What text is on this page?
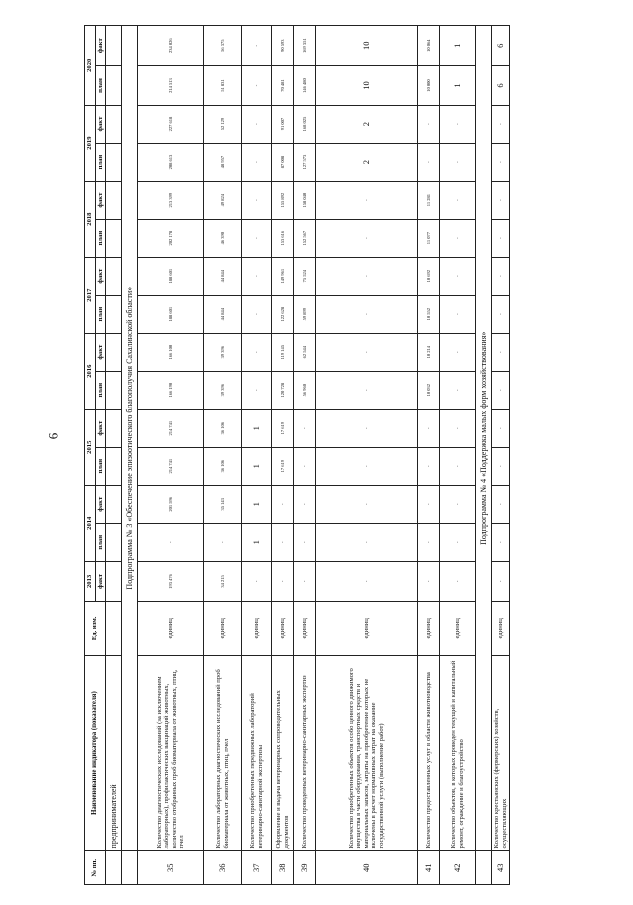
6
№ пп.	Наименование индикатора (показателя)	Ед. изм.	2013	2014		2015		2016		2017		2018		2019		2020	
			факт	план	факт	план	факт	план	факт	план	факт	план	факт	план	факт	план	факт
	предпринимателей																
	Подпрограмма № 3 «Обеспечение эпизоотического благополучия Сахалинской области»																
35	Количество диагностических исследований (за исключением лабораторных), профилактических вакцинаций животных, количество отобранных проб биоматериала от животных, птиц, пчел	единиц	193 476	-	201 596	214 741	214 741	166 190	166 100	188 601	188 601	202 178	213 399	208 613	227 618	214 513	234 026
36	Количество лабораторных диагностических исследований проб биоматериала от животных, птиц, пчел	единиц	34 215	-	35 143	36 106	36 106	39 396	39 396	44 844	44 844	46 390	49 824	48 957	52 129	51 831	56 375
37	Количество приобретенных передвижных лабораторий ветеринарно-санитарной экспертизы	единиц	-	1	1	1	1	-	-	-	-	-	-	-	-	-	-
38	Оформление и выдача ветеринарных сопроводительных документов	единиц	-	-	-	17 619	17 619	120 728	119 145	122 628	149 961	153 616	155 892	87 008	91 007	70 481	90 593
39	Количество проведенных ветеринарно-санитарных экспертиз	единиц	-	-	-	-	-	56 960	62 544	59 899	75 524	152 567	158 040	127 573	168 025	146 480	169 351
40	Количество приобретенных объектов особо ценного движимого имущества в части оборудования, транспортных средств и материальных запасов, затраты на приобретение которых не включены в расчет нормативных затрат на оказание государственной услуги (выполнение работ)	единиц	-	-	-	-	-	-	-	-	-	-	-	2	2	10	10
41	Количество предоставленных услуг в области животноводства	единиц	-	-	-	-	-	10 032	10 214	10 552	10 692	11 077	11 281	-	-	10 000	10 064
42	Количество объектов, в которых проведен текущий и капитальный ремонт, ограждение и благоустройство	единиц	-	-	-	-	-	-	-	-	-	-	-	-	-	1	1
	Подпрограмма № 4 «Поддержка малых форм хозяйствования»																
43	Количество крестьянских (фермерских) хозяйств, осуществляющих	единиц	-	-	-	-	-	-	-	-	-	-	-	-	-	6	6
